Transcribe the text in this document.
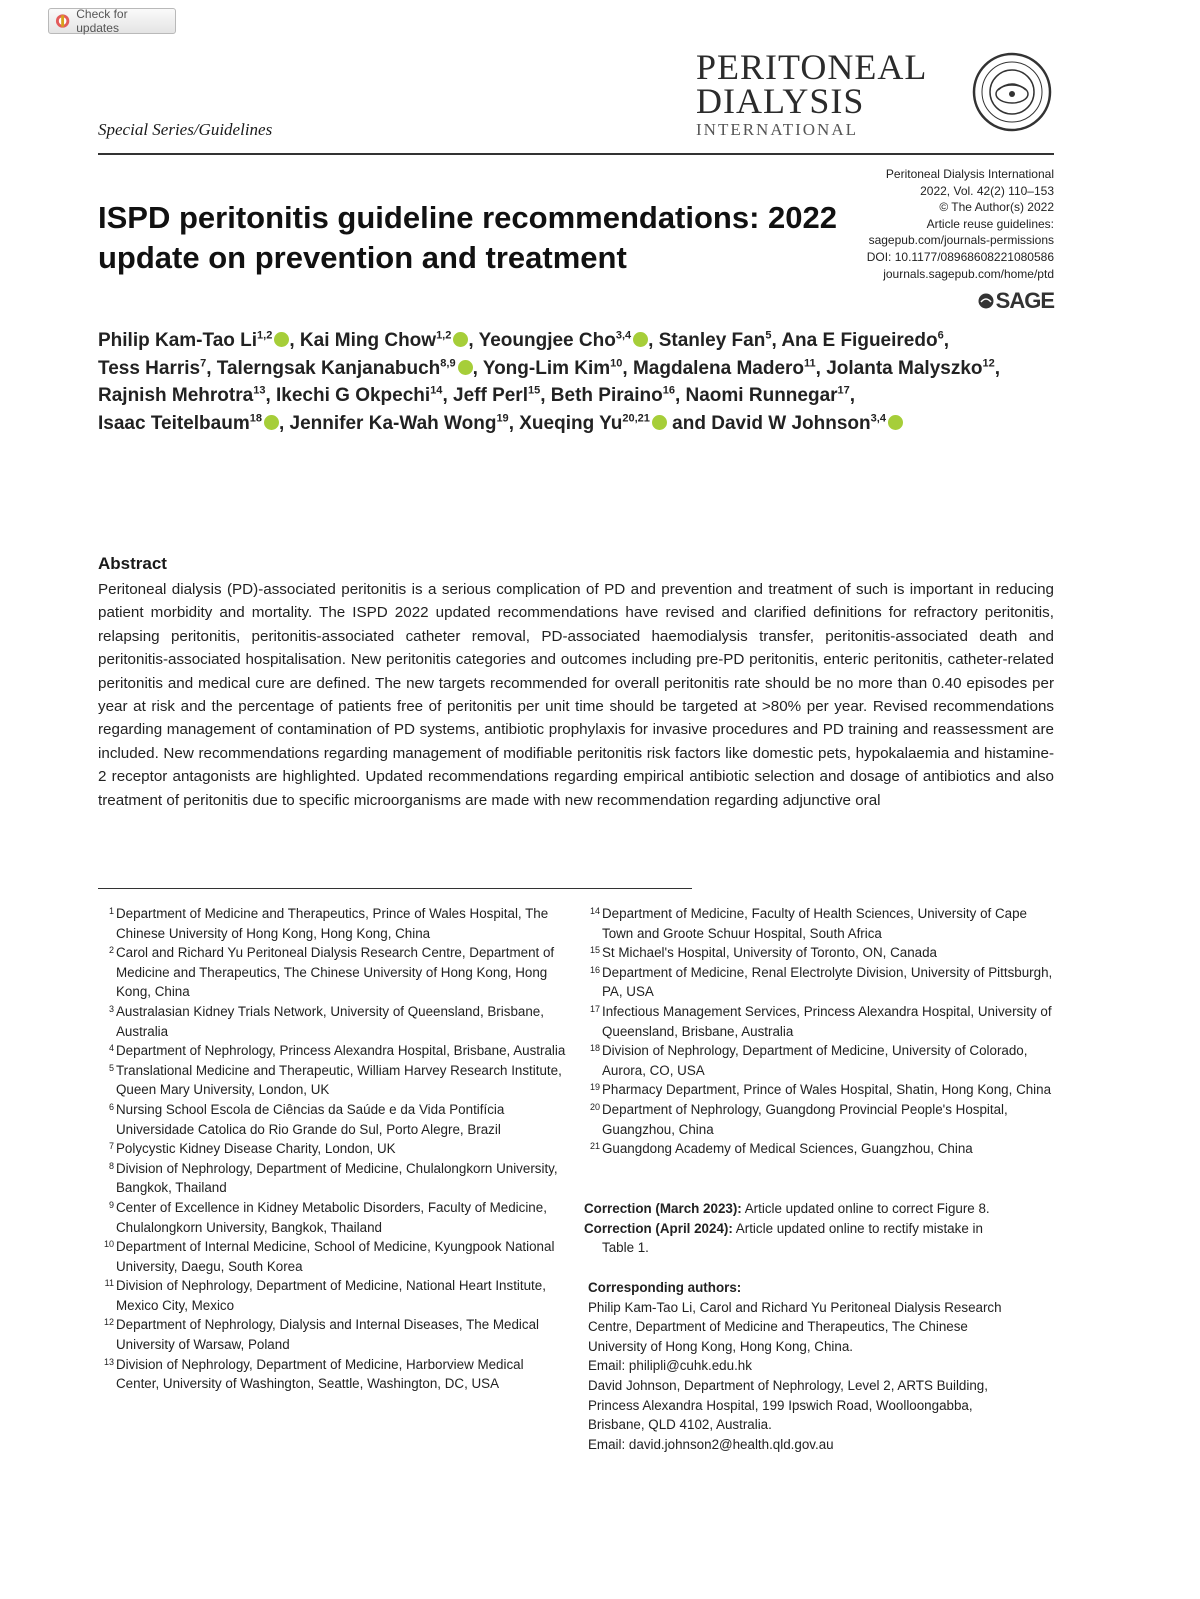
Check for updates
PERITONEAL
DIALYSIS
INTERNATIONAL
Special Series/Guidelines
Peritoneal Dialysis International
2022, Vol. 42(2) 110–153
© The Author(s) 2022
Article reuse guidelines:
sagepub.com/journals-permissions
DOI: 10.1177/08968608221080586
journals.sagepub.com/home/ptd
SAGE
ISPD peritonitis guideline recommendations: 2022 update on prevention and treatment
Philip Kam-Tao Li$^{1,2}$ , Kai Ming Chow$^{1,2}$ , Yeoungjee Cho$^{3,4}$ , Stanley Fan$^5$, Ana E Figueiredo$^6$, Tess Harris$^7$, Talerngsak Kanjanabuch$^{8,9}$ , Yong-Lim Kim$^{10}$, Magdalena Madero$^{11}$, Jolanta Malyszko$^{12}$, Rajnish Mehrotra$^{13}$, Ikechi G Okpechi$^{14}$, Jeff Perl$^{15}$, Beth Piraino$^{16}$, Naomi Runnegar$^{17}$, Isaac Teitelbaum$^{18}$ , Jennifer Ka-Wah Wong$^{19}$, Xueqing Yu$^{20,21}$ and David W Johnson$^{3,4}$
Abstract
Peritoneal dialysis (PD)-associated peritonitis is a serious complication of PD and prevention and treatment of such is important in reducing patient morbidity and mortality. The ISPD 2022 updated recommendations have revised and clarified definitions for refractory peritonitis, relapsing peritonitis, peritonitis-associated catheter removal, PD-associated haemodialysis transfer, peritonitis-associated death and peritonitis-associated hospitalisation. New peritonitis categories and outcomes including pre-PD peritonitis, enteric peritonitis, catheter-related peritonitis and medical cure are defined. The new targets recommended for overall peritonitis rate should be no more than 0.40 episodes per year at risk and the percentage of patients free of peritonitis per unit time should be targeted at >80% per year. Revised recommendations regarding management of contamination of PD systems, antibiotic prophylaxis for invasive procedures and PD training and reassessment are included. New recommendations regarding management of modifiable peritonitis risk factors like domestic pets, hypokalaemia and histamine-2 receptor antagonists are highlighted. Updated recommendations regarding empirical antibiotic selection and dosage of antibiotics and also treatment of peritonitis due to specific microorganisms are made with new recommendation regarding adjunctive oral
1 Department of Medicine and Therapeutics, Prince of Wales Hospital, The Chinese University of Hong Kong, Hong Kong, China
2 Carol and Richard Yu Peritoneal Dialysis Research Centre, Department of Medicine and Therapeutics, The Chinese University of Hong Kong, Hong Kong, China
3 Australasian Kidney Trials Network, University of Queensland, Brisbane, Australia
4 Department of Nephrology, Princess Alexandra Hospital, Brisbane, Australia
5 Translational Medicine and Therapeutic, William Harvey Research Institute, Queen Mary University, London, UK
6 Nursing School Escola de Ciências da Saúde e da Vida Pontifícia Universidade Catolica do Rio Grande do Sul, Porto Alegre, Brazil
7 Polycystic Kidney Disease Charity, London, UK
8 Division of Nephrology, Department of Medicine, Chulalongkorn University, Bangkok, Thailand
9 Center of Excellence in Kidney Metabolic Disorders, Faculty of Medicine, Chulalongkorn University, Bangkok, Thailand
10 Department of Internal Medicine, School of Medicine, Kyungpook National University, Daegu, South Korea
11 Division of Nephrology, Department of Medicine, National Heart Institute, Mexico City, Mexico
12 Department of Nephrology, Dialysis and Internal Diseases, The Medical University of Warsaw, Poland
13 Division of Nephrology, Department of Medicine, Harborview Medical Center, University of Washington, Seattle, Washington, DC, USA
14 Department of Medicine, Faculty of Health Sciences, University of Cape Town and Groote Schuur Hospital, South Africa
15 St Michael's Hospital, University of Toronto, ON, Canada
16 Department of Medicine, Renal Electrolyte Division, University of Pittsburgh, PA, USA
17 Infectious Management Services, Princess Alexandra Hospital, University of Queensland, Brisbane, Australia
18 Division of Nephrology, Department of Medicine, University of Colorado, Aurora, CO, USA
19 Pharmacy Department, Prince of Wales Hospital, Shatin, Hong Kong, China
20 Department of Nephrology, Guangdong Provincial People's Hospital, Guangzhou, China
21 Guangdong Academy of Medical Sciences, Guangzhou, China
Correction (March 2023): Article updated online to correct Figure 8.
Correction (April 2024): Article updated online to rectify mistake in
Table 1.
Corresponding authors:
Philip Kam-Tao Li, Carol and Richard Yu Peritoneal Dialysis Research
Centre, Department of Medicine and Therapeutics, The Chinese
University of Hong Kong, Hong Kong, China.
Email: philipli@cuhk.edu.hk
David Johnson, Department of Nephrology, Level 2, ARTS Building,
Princess Alexandra Hospital, 199 Ipswich Road, Woolloongabba,
Brisbane, QLD 4102, Australia.
Email: david.johnson2@health.qld.gov.au
